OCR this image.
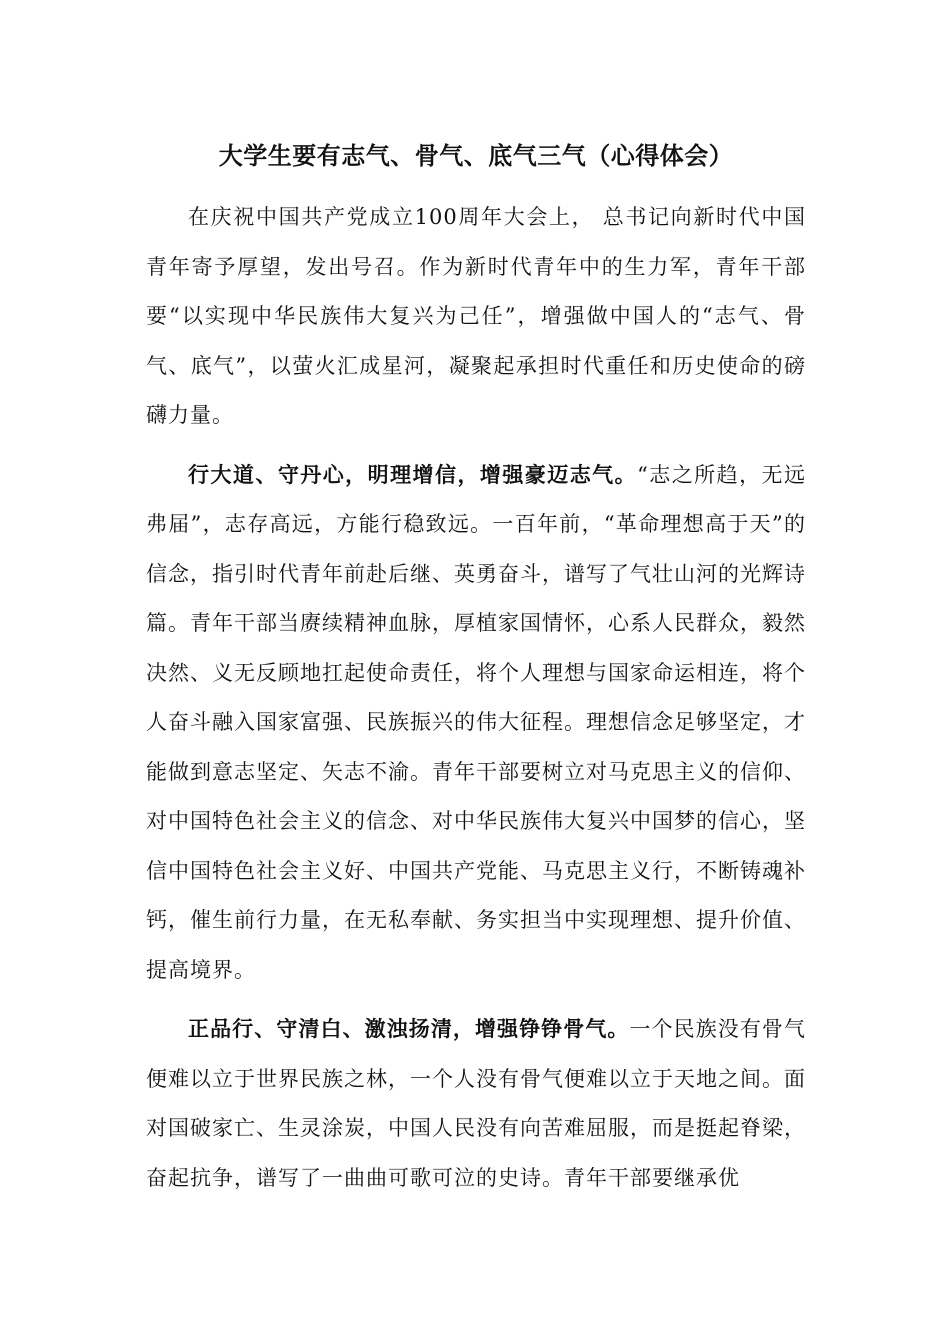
大学生要有志气、骨气、底气三气（心得体会）

在庆祝中国共产党成立100周年大会上， 总书记向新时代中国青年寄予厚望，发出号召。作为新时代青年中的生力军，青年干部要“以实现中华民族伟大复兴为己任”，增强做中国人的“志气、骨气、底气”，以萤火汇成星河，凝聚起承担时代重任和历史使命的磅礴力量。

行大道、守丹心，明理增信，增强豪迈志气。“志之所趋，无远弗届”，志存高远，方能行稳致远。一百年前，“革命理想高于天”的信念，指引时代青年前赴后继、英勇奋斗，谱写了气壮山河的光辉诗篇。青年干部当赓续精神血脉，厚植家国情怀，心系人民群众，毅然决然、义无反顾地扛起使命责任，将个人理想与国家命运相连，将个人奋斗融入国家富强、民族振兴的伟大征程。理想信念足够坚定，才能做到意志坚定、矢志不渝。青年干部要树立对马克思主义的信仰、对中国特色社会主义的信念、对中华民族伟大复兴中国梦的信心，坚信中国特色社会主义好、中国共产党能、马克思主义行，不断铸魂补钙，催生前行力量，在无私奉献、务实担当中实现理想、提升价值、提高境界。

正品行、守清白、激浊扬清，增强铮铮骨气。一个民族没有骨气便难以立于世界民族之林，一个人没有骨气便难以立于天地之间。面对国破家亡、生灵涂炭，中国人民没有向苦难屈服，而是挺起脊梁，奋起抗争，谱写了一曲曲可歌可泣的史诗。青年干部要继承优
